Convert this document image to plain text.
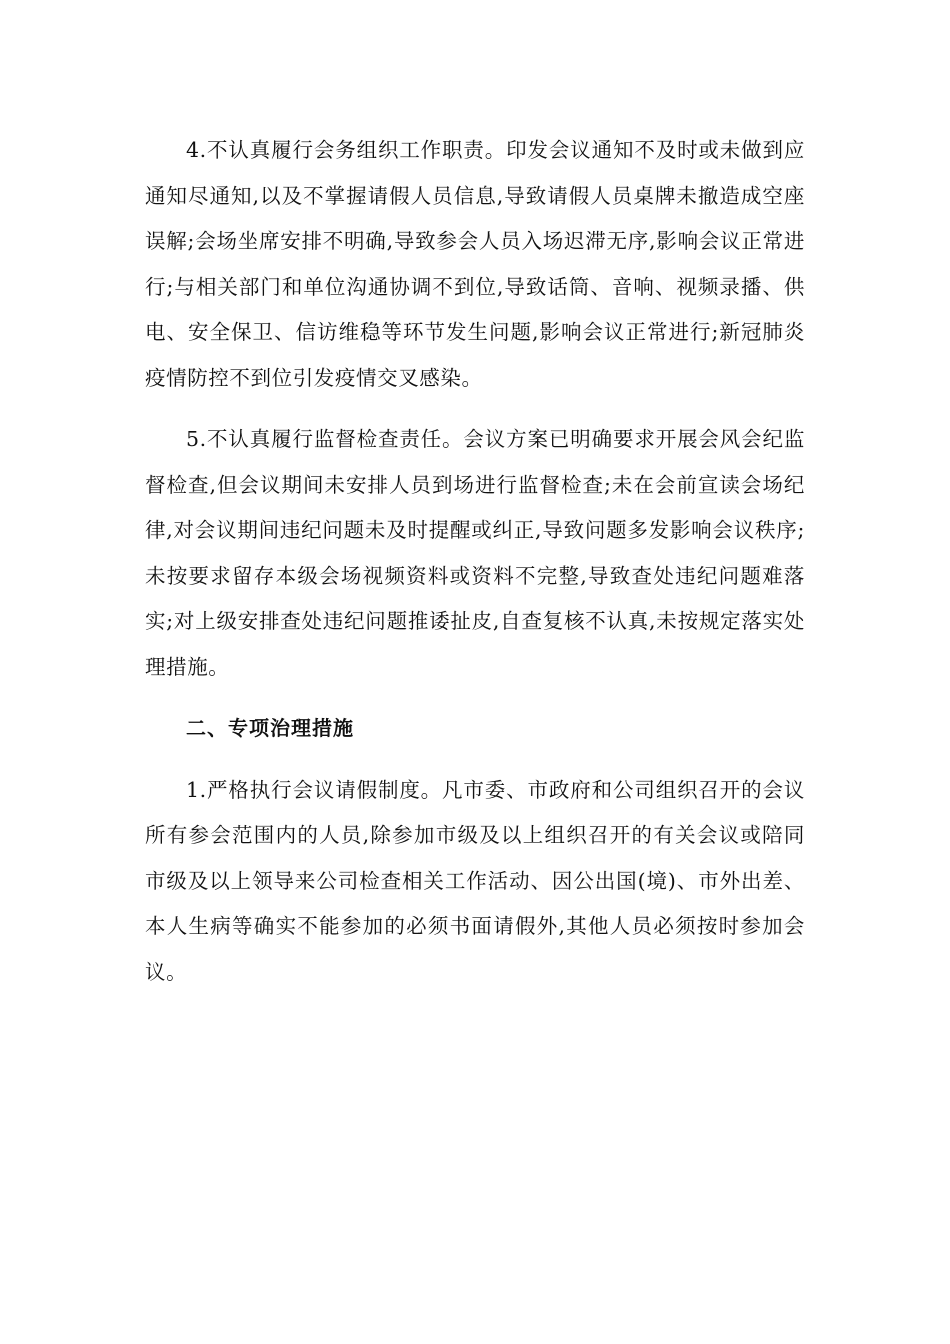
4.不认真履行会务组织工作职责。印发会议通知不及时或未做到应通知尽通知,以及不掌握请假人员信息,导致请假人员桌牌未撤造成空座误解;会场坐席安排不明确,导致参会人员入场迟滞无序,影响会议正常进行;与相关部门和单位沟通协调不到位,导致话筒、音响、视频录播、供电、安全保卫、信访维稳等环节发生问题,影响会议正常进行;新冠肺炎疫情防控不到位引发疫情交叉感染。

5.不认真履行监督检查责任。会议方案已明确要求开展会风会纪监督检查,但会议期间未安排人员到场进行监督检查;未在会前宣读会场纪律,对会议期间违纪问题未及时提醒或纠正,导致问题多发影响会议秩序;未按要求留存本级会场视频资料或资料不完整,导致查处违纪问题难落实;对上级安排查处违纪问题推诿扯皮,自查复核不认真,未按规定落实处理措施。

二、专项治理措施

1.严格执行会议请假制度。凡市委、市政府和公司组织召开的会议所有参会范围内的人员,除参加市级及以上组织召开的有关会议或陪同市级及以上领导来公司检查相关工作活动、因公出国(境)、市外出差、本人生病等确实不能参加的必须书面请假外,其他人员必须按时参加会议。
